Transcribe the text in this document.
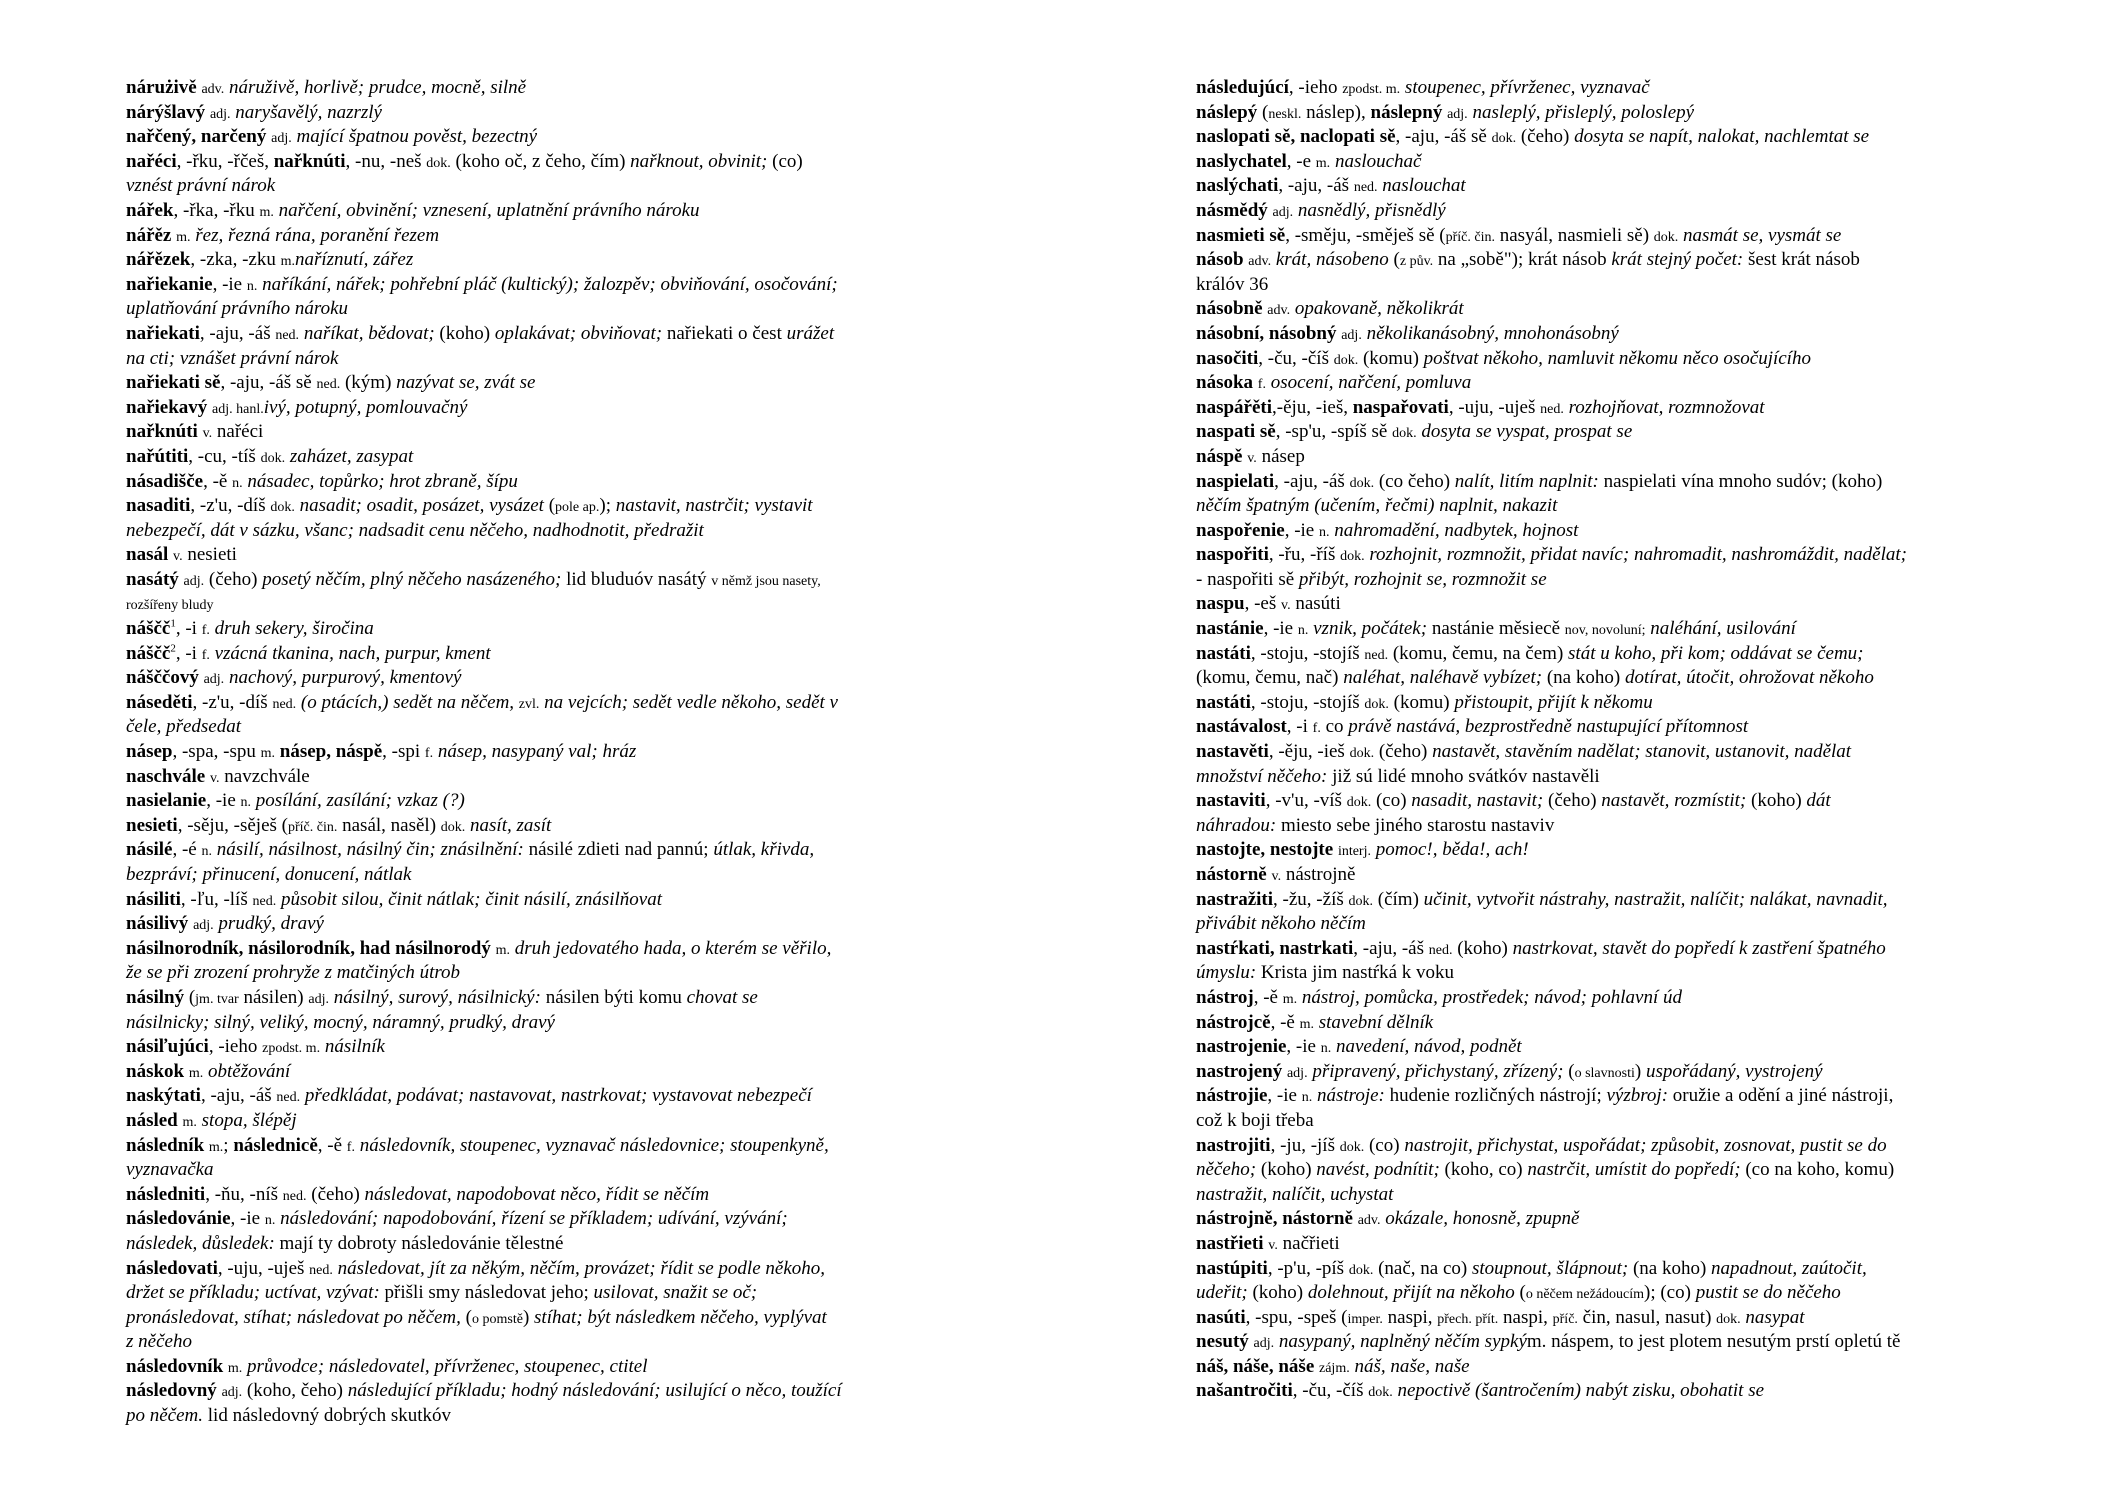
nárużivě adv. náruživě, horlivě; prudce, mocně, silně
nárýšlavý adj. naryšavělý, nazrzlý
nařčený, narčený adj. mající špatnou pověst, bezectný
nařéci, -řku, -řčeš, nařknúti, -nu, -neš dok. (koho oč, z čeho, čím) nařknout, obvinit; (co)
vznést právní nárok
nářek, -řka, -řku m. nařčení, obvinění; vznesení, uplatnění právního nároku
nářěz m. řez, řezná rána, poranění řezem
nářězek, -zka, -zku m.naříznutí, zářez
nařiekanie, -ie n. naříkání, nářek; pohřební pláč (kultický); žalozpěv; obviňování, osočování;
uplatňování právního nároku
nařiekati, -aju, -áš ned. naříkat, bědovat; (koho) oplakávat; obviňovat; nařiekati o čest urážet
na cti; vznášet právní nárok
nařiekati sě, -aju, -áš sě ned. (kým) nazývat se, zvát se
nařiekavý adj. hanl.ivý, potupný, pomlouvačný
nařknúti v. nařéci
nařútiti, -cu, -tíš dok. zaházet, zasypat
násadišče, -ě n. násadec, topůrko; hrot zbraně, šípu
nasaditi, -z'u, -díš dok. nasadit; osadit, posázet, vysázet (pole ap.); nastavit, nastrčit; vystavit
nebezpečí, dát v sázku, všanc; nadsadit cenu něčeho, nadhodnotit, předražit
nasál v. nesieti
nasátý adj. (čeho) posetý něčím, plný něčeho nasázeného; lid bluduóv nasátý v němž jsou nasety,
rozšířeny bludy
náščč$^1$, -i f. druh sekery, širočina
náščč$^2$, -i f. vzácná tkanina, nach, purpur, kment
nášččový adj. nachový, purpurový, kmentový
náseděti, -z'u, -díš ned. (o ptácích,) sedět na něčem, zvl. na vejcích; sedět vedle někoho, sedět v
čele, předsedat
násep, -spa, -spu m. násep, náspě, -spi f. násep, nasypaný val; hráz
naschvále v. navzchvále
nasielanie, -ie n. posílání, zasílání; vzkaz (?)
nesieti, -sěju, -sěješ (příč. čin. nasál, nasěl) dok. nasít, zasít
násilé, -é n. násilí, násilnost, násilný čin; znásilnění: násilé zdieti nad pannú; útlak, křivda,
bezpráví; přinucení, donucení, nátlak
násiliti, -ľu, -líš ned. působit silou, činit nátlak; činit násilí, znásilňovat
násilivý adj. prudký, dravý
násilnorodník, násilorodník, had násilnorodý m. druh jedovatého hada, o kterém se věřilo,
že se při zrození prohryže z matčiných útrob
násilný (jm. tvar násilen) adj. násilný, surový, násilnický: násilen býti komu chovat se
násilnicky; silný, veliký, mocný, náramný, prudký, dravý
násiľujúci, -ieho zpodst. m. násilník
náskok m. obtěžování
naskýtati, -aju, -áš ned. předkládat, podávat; nastavovat, nastrkovat; vystavovat nebezpečí
násled m. stopa, šlépěj
následník m.; následnicě, -ě f. následovník, stoupenec, vyznavač následovnice; stoupenkyně,
vyznavačka
následniti, -ňu, -níš ned. (čeho) následovat, napodobovat něco, řídit se něčím
následovánie, -ie n. následování; napodobování, řízení se příkladem; udívání, vzývání;
následek, důsledek: mají ty dobroty následovánie tělestné
následovati, -uju, -uješ ned. následovat, jít za někým, něčím, provázet; řídit se podle někoho,
držet se příkladu; uctívat, vzývat: přišli smy následovat jeho; usilovat, snažit se oč;
pronásledovat, stíhat; následovat po něčem, (o pomstě) stíhat; být následkem něčeho, vyplývat
z něčeho
následovník m. průvodce; následovatel, přívrženec, stoupenec, ctitel
následovný adj. (koho, čeho) následující příkladu; hodný následování; usilující o něco, toužící
po něčem. lid následovný dobrých skutkóv
následujúcí, -ieho zpodst. m. stoupenec, přívrženec, vyznavač
náslepý (neskl. náslep), náslepný adj. nasleplý, přisleplý, poloslepý
naslopati sě, naclopati sě, -aju, -áš sě dok. (čeho) dosyta se napít, nalokat, nachlemtat se
naslychatel, -e m. naslouchač
naslýchati, -aju, -áš ned. naslouchat
násmědý adj. nasnědlý, přisnědlý
nasmieti sě, -směju, -směješ sě (příč. čin. nasyál, nasmieli sě) dok. nasmát se, vysmát se
násob adv. krát, násobeno (z pův. na „sobě"); krát násob krát stejný počet: šest krát násob
králóv 36
násobně adv. opakovaně, několikrát
násobní, násobný adj. několikanásobný, mnohonásobný
nasočiti, -ču, -číš dok. (komu) poštvat někoho, namluvit někomu něco osočujícího
násoka f. osocení, nařčení, pomluva
naspářěti,-ěju, -ieš, naspařovati, -uju, -uješ ned. rozhojňovat, rozmnožovat
naspati sě, -sp'u, -spíš sě dok. dosyta se vyspat, prospat se
náspě v. násep
naspielati, -aju, -áš dok. (co čeho) nalít, litím naplnit: naspielati vína mnoho sudóv; (koho)
něčím špatným (učením, řečmi) naplnit, nakazit
naspořenie, -ie n. nahromadění, nadbytek, hojnost
naspořiti, -řu, -říš dok. rozhojnit, rozmnožit, přidat navíc; nahromadit, nashromáždit, nadělat;
- naspořiti sě přibýt, rozhojnit se, rozmnožit se
naspu, -eš v. nasúti
nastánie, -ie n. vznik, počátek; nastánie měsiecě nov, novoluní; naléhání, usilování
nastáti, -stoju, -stojíš ned. (komu, čemu, na čem) stát u koho, při kom; oddávat se čemu;
(komu, čemu, nač) naléhat, naléhavě vybízet; (na koho) dotírat, útočit, ohrožovat někoho
nastáti, -stoju, -stojíš dok. (komu) přistoupit, přijít k někomu
nastávalost, -i f. co právě nastává, bezprostředně nastupující přítomnost
nastavěti, -ěju, -ieš dok. (čeho) nastavět, stavěním nadělat; stanovit, ustanovit, nadělat
množství něčeho: již sú lidé mnoho svátkóv nastavěli
nastaviti, -v'u, -víš dok. (co) nasadit, nastavit; (čeho) nastavět, rozmístit; (koho) dát
náhradou: miesto sebe jiného starostu nastaviv
nastojte, nestojte interj. pomoc!, běda!, ach!
nástorně v. nástrojně
nastražiti, -žu, -žíš dok. (čím) učinit, vytvořit nástrahy, nastražit, nalíčit; nalákat, navnadit,
přivábit někoho něčím
nastŕkati, nastrkati, -aju, -áš ned. (koho) nastrkovat, stavět do popředí k zastření špatného
úmyslu: Krista jim nastŕká k voku
nástroj, -ě m. nástroj, pomůcka, prostředek; návod; pohlavní úd
nástrojcě, -ě m. stavební dělník
nastrojenie, -ie n. navedení, návod, podnět
nastrojený adj. připravený, přichystaný, zřízený; (o slavnosti) uspořádaný, vystrojený
nástrojie, -ie n. nástroje: hudenie rozličných nástrojí; výzbroj: oružie a odění a jiné nástroji,
což k boji třeba
nastrojiti, -ju, -jíš dok. (co) nastrojit, přichystat, uspořádat; způsobit, zosnovat, pustit se do
něčeho; (koho) navést, podnítit; (koho, co) nastrčit, umístit do popředí; (co na koho, komu)
nastražit, nalíčit, uchystat
nástrojně, nástorně adv. okázale, honosně, zpupně
nastřieti v. načřieti
nastúpiti, -p'u, -píš dok. (nač, na co) stoupnout, šlápnout; (na koho) napadnout, zaútočit,
udeřit; (koho) dolehnout, přijít na někoho (o něčem nežádoucím); (co) pustit se do něčeho
nasúti, -spu, -speš (imper. naspi, přech. přít. naspi, příč. čin, nasul, nasut) dok. nasypat
nesutý adj. nasypaný, naplněný něčím sypkým. náspem, to jest plotem nesutým prstí opletú tě
náš, náše, náše zájm. náš, naše, naše
našantročiti, -ču, -číš dok. nepoctivě (šantročením) nabýt zisku, obohatit se
